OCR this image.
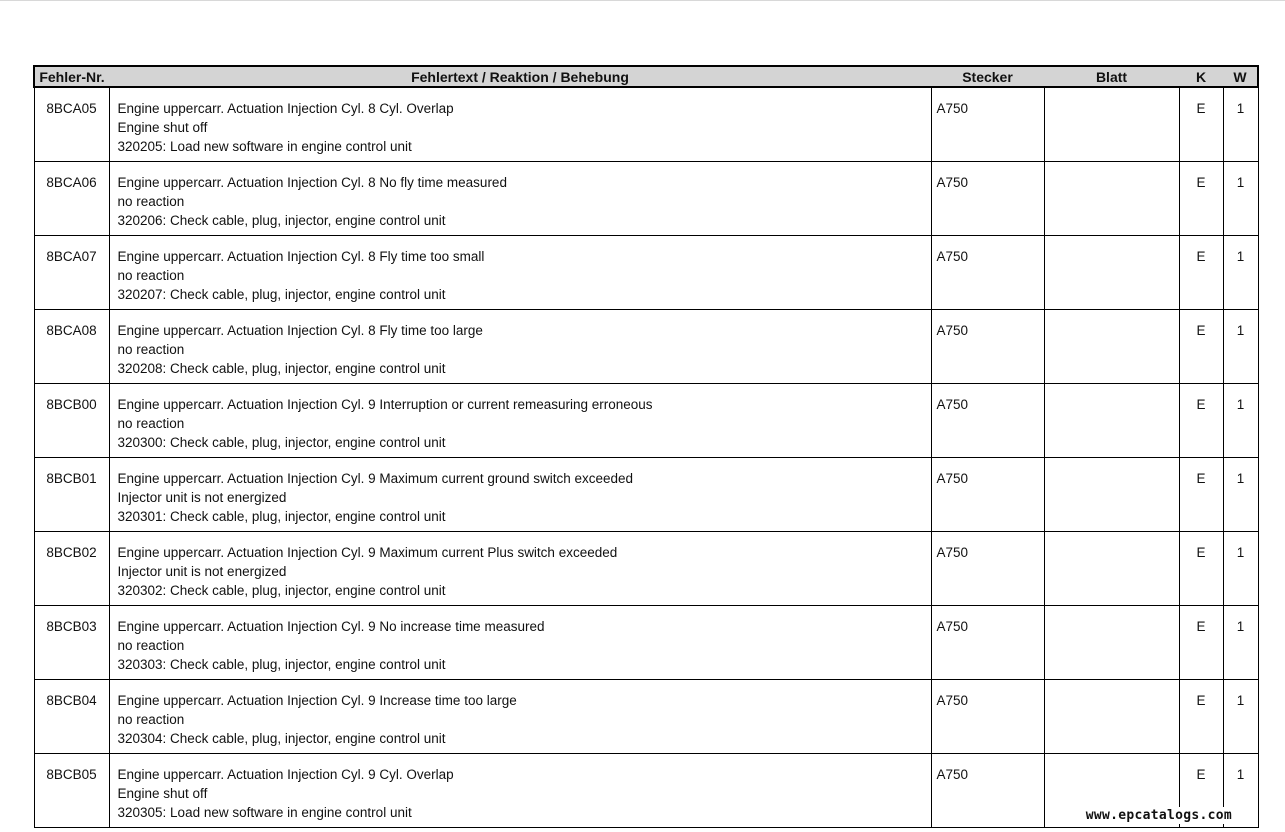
Fehler-Nr.	Fehlertext / Reaktion / Behebung	Stecker	Blatt	K	W

8BCA05	Engine uppercarr. Actuation Injection Cyl. 8 Cyl. Overlap
Engine shut off
320205: Load new software in engine control unit	A750		E	1

8BCA06	Engine uppercarr. Actuation Injection Cyl. 8 No fly time measured
no reaction
320206: Check cable, plug, injector, engine control unit	A750		E	1

8BCA07	Engine uppercarr. Actuation Injection Cyl. 8 Fly time too small
no reaction
320207: Check cable, plug, injector, engine control unit	A750		E	1

8BCA08	Engine uppercarr. Actuation Injection Cyl. 8 Fly time too large
no reaction
320208: Check cable, plug, injector, engine control unit	A750		E	1

8BCB00	Engine uppercarr. Actuation Injection Cyl. 9 Interruption or current remeasuring erroneous
no reaction
320300: Check cable, plug, injector, engine control unit	A750		E	1

8BCB01	Engine uppercarr. Actuation Injection Cyl. 9 Maximum current ground switch exceeded
Injector unit is not energized
320301: Check cable, plug, injector, engine control unit	A750		E	1

8BCB02	Engine uppercarr. Actuation Injection Cyl. 9 Maximum current Plus switch exceeded
Injector unit is not energized
320302: Check cable, plug, injector, engine control unit	A750		E	1

8BCB03	Engine uppercarr. Actuation Injection Cyl. 9 No increase time measured
no reaction
320303: Check cable, plug, injector, engine control unit	A750		E	1

8BCB04	Engine uppercarr. Actuation Injection Cyl. 9 Increase time too large
no reaction
320304: Check cable, plug, injector, engine control unit	A750		E	1

8BCB05	Engine uppercarr. Actuation Injection Cyl. 9 Cyl. Overlap
Engine shut off
320305: Load new software in engine control unit	A750		E	1
www.epcatalogs.com
